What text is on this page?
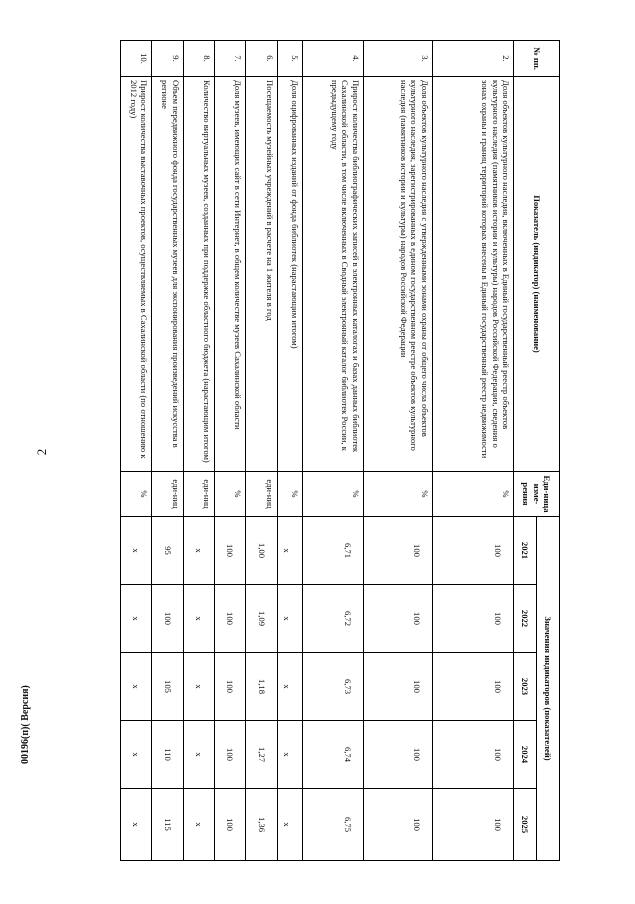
2
№ пп.	Показатель (индикатор) (наименование)	Еди-ница изме-рения	Значения индикаторов (показателей)				
			2021	2022	2023	2024	2025
2.	Доля объектов культурного наследия, включенных в Единый государственный реестр объектов культурного наследия (памятников истории и культуры) народов Российской Федерации, сведения о зонах охраны и границ территорий которых внесены в Единый государственный реестр недвижимости	%	100	100	100	100	100
3.	Доля объектов культурного наследия с утвержденными зонами охраны от общего числа объектов культурного наследия, зарегистрированных в едином государственном реестре объектов культурного наследия (памятников истории и культуры) народов Российской Федерации	%	100	100	100	100	100
4.	Прирост количества библиографических записей в электронных каталогах и базах данных библиотек Сахалинской области, в том числе включенных в Сводный электронный каталог библиотек России, к предыдущему году	%	6,71	6,72	6,73	6,74	6,75
5.	Доля оцифрованных изданий от фонда библиотек (нарастающим итогом)	%	х	х	х	х	х
6.	Посещаемость музейных учреждений в расчете на 1 жителя в год	еди-ниц	1,00	1,09	1,18	1,27	1,36
7.	Доля музеев, имеющих сайт в сети Интернет, в общем количестве музеев Сахалинской области	%	100	100	100	100	100
8.	Количество виртуальных музеев, созданных при поддержке областного бюджета (нарастающим итогом)	еди-ниц	х	х	х	х	х
9.	Объем передвижного фонда государственных музеев для экспонирования произведений искусства в регионе	еди-ниц	95	100	105	110	115
10.	Прирост количества выставочных проектов, осуществляемых в Сахалинской области (по отношению к 2012 году)	%	х	х	х	х	х
00196(п)( Версия)
